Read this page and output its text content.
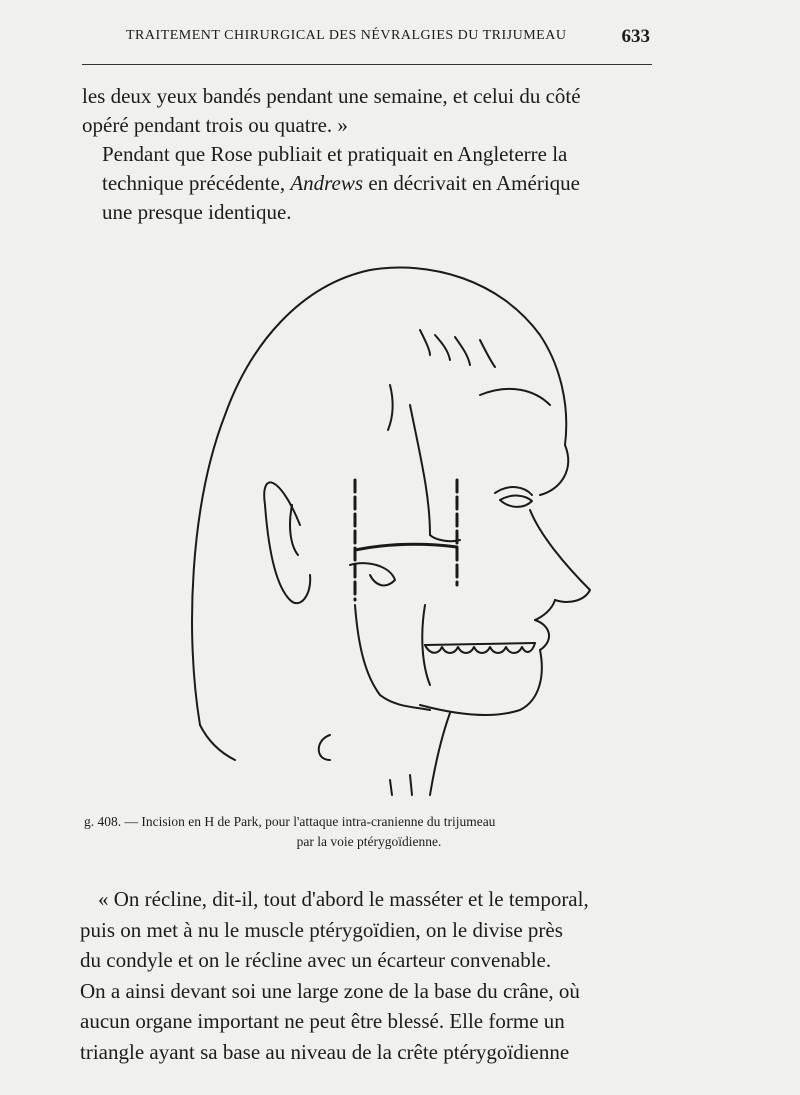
TRAITEMENT CHIRURGICAL DES NÉVRALGIES DU TRIJUMEAU	633
les deux yeux bandés pendant une semaine, et celui du côté
opéré pendant trois ou quatre. »
Pendant que Rose publiait et pratiquait en Angleterre la
technique précédente, Andrews en décrivait en Amérique
une presque identique.
g. 408. — Incision en H de Park, pour l'attaque intra-cranienne du trijumeau
par la voie ptérygoïdienne.
« On récline, dit-il, tout d'abord le masséter et le temporal,
puis on met à nu le muscle ptérygoïdien, on le divise près
du condyle et on le récline avec un écarteur convenable.
On a ainsi devant soi une large zone de la base du crâne, où
aucun organe important ne peut être blessé. Elle forme un
triangle ayant sa base au niveau de la crête ptérygoïdienne
